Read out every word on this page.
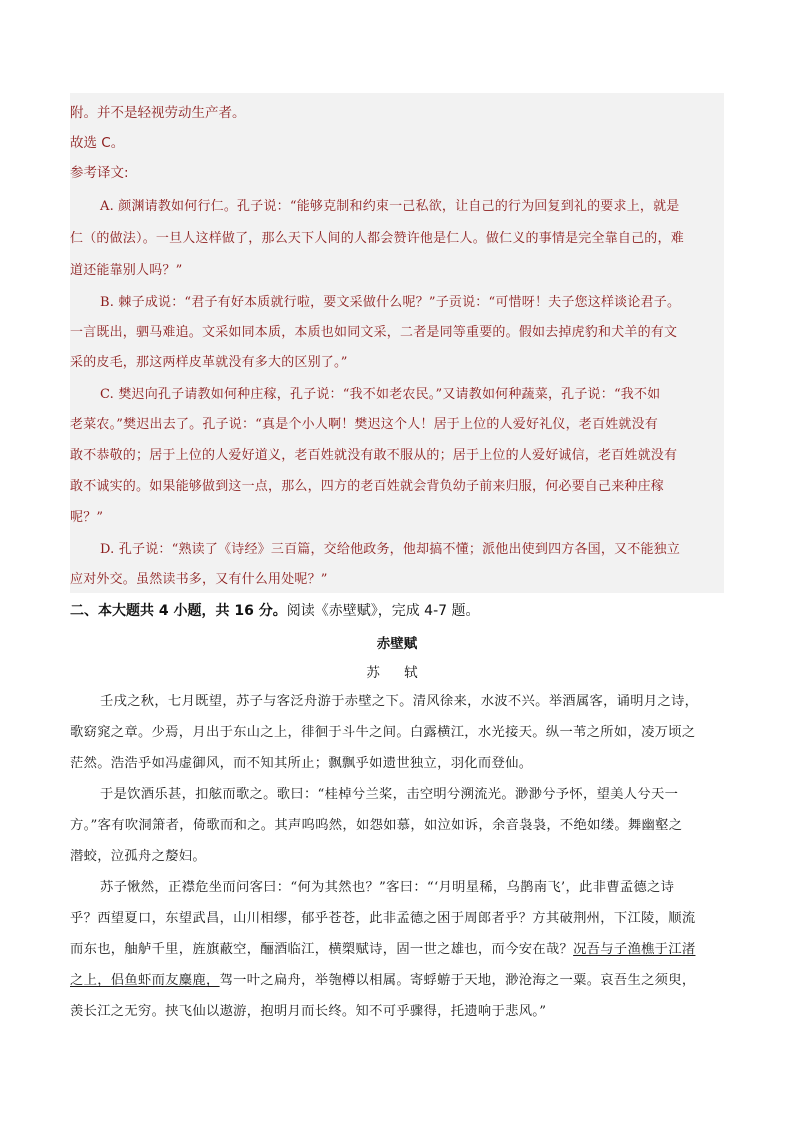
附。并不是轻视劳动生产者。
故选 C。
参考译文:
A. 颜渊请教如何行仁。孔子说：“能够克制和约束一己私欲，让自己的行为回复到礼的要求上，就是
仁（的做法）。一旦人这样做了，那么天下人间的人都会赞许他是仁人。做仁义的事情是完全靠自己的，难
道还能靠别人吗？”
B. 棘子成说：“君子有好本质就行啦，要文采做什么呢？”子贡说：“可惜呀！夫子您这样谈论君子。
一言既出，驷马难追。文采如同本质，本质也如同文采，二者是同等重要的。假如去掉虎豹和犬羊的有文
采的皮毛，那这两样皮革就没有多大的区别了。”
C. 樊迟向孔子请教如何种庄稼，孔子说：“我不如老农民。”又请教如何种蔬菜，孔子说：“我不如
老菜农。”樊迟出去了。孔子说：“真是个小人啊！樊迟这个人！居于上位的人爱好礼仪，老百姓就没有
敢不恭敬的；居于上位的人爱好道义，老百姓就没有敢不服从的；居于上位的人爱好诚信，老百姓就没有
敢不诚实的。如果能够做到这一点，那么，四方的老百姓就会背负幼子前来归服，何必要自己来种庄稼
呢？”
D. 孔子说：“熟读了《诗经》三百篇，交给他政务，他却搞不懂；派他出使到四方各国，又不能独立
应对外交。虽然读书多，又有什么用处呢？”
二、本大题共 4 小题，共 16 分。阅读《赤壁赋》，完成 4-7 题。
赤壁赋
苏 轼
壬戌之秋，七月既望，苏子与客泛舟游于赤壁之下。清风徐来，水波不兴。举酒属客，诵明月之诗，
歌窈窕之章。少焉，月出于东山之上，徘徊于斗牛之间。白露横江，水光接天。纵一苇之所如，凌万顷之
茫然。浩浩乎如冯虚御风，而不知其所止；飘飘乎如遗世独立，羽化而登仙。
于是饮酒乐甚，扣舷而歌之。歌曰：“桂棹兮兰桨，击空明兮溯流光。渺渺兮予怀，望美人兮天一
方。”客有吹洞箫者，倚歌而和之。其声呜呜然，如怨如慕，如泣如诉，余音袅袅，不绝如缕。舞幽壑之
潜蛟，泣孤舟之嫠妇。
苏子愀然，正襟危坐而问客曰：“何为其然也？”客曰：“‘月明星稀，乌鹊南飞’，此非曹孟德之诗
乎？西望夏口，东望武昌，山川相缪，郁乎苍苍，此非孟德之困于周郎者乎？方其破荆州，下江陵，顺流
而东也，舳舻千里，旌旗蔽空，酾酒临江，横槊赋诗，固一世之雄也，而今安在哉？况吾与子渔樵于江渚
之上，侣鱼虾而友麋鹿，驾一叶之扁舟，举匏樽以相属。寄蜉蝣于天地，渺沧海之一粟。哀吾生之须臾，
羡长江之无穷。挟飞仙以遨游，抱明月而长终。知不可乎骤得，托遗响于悲风。”
